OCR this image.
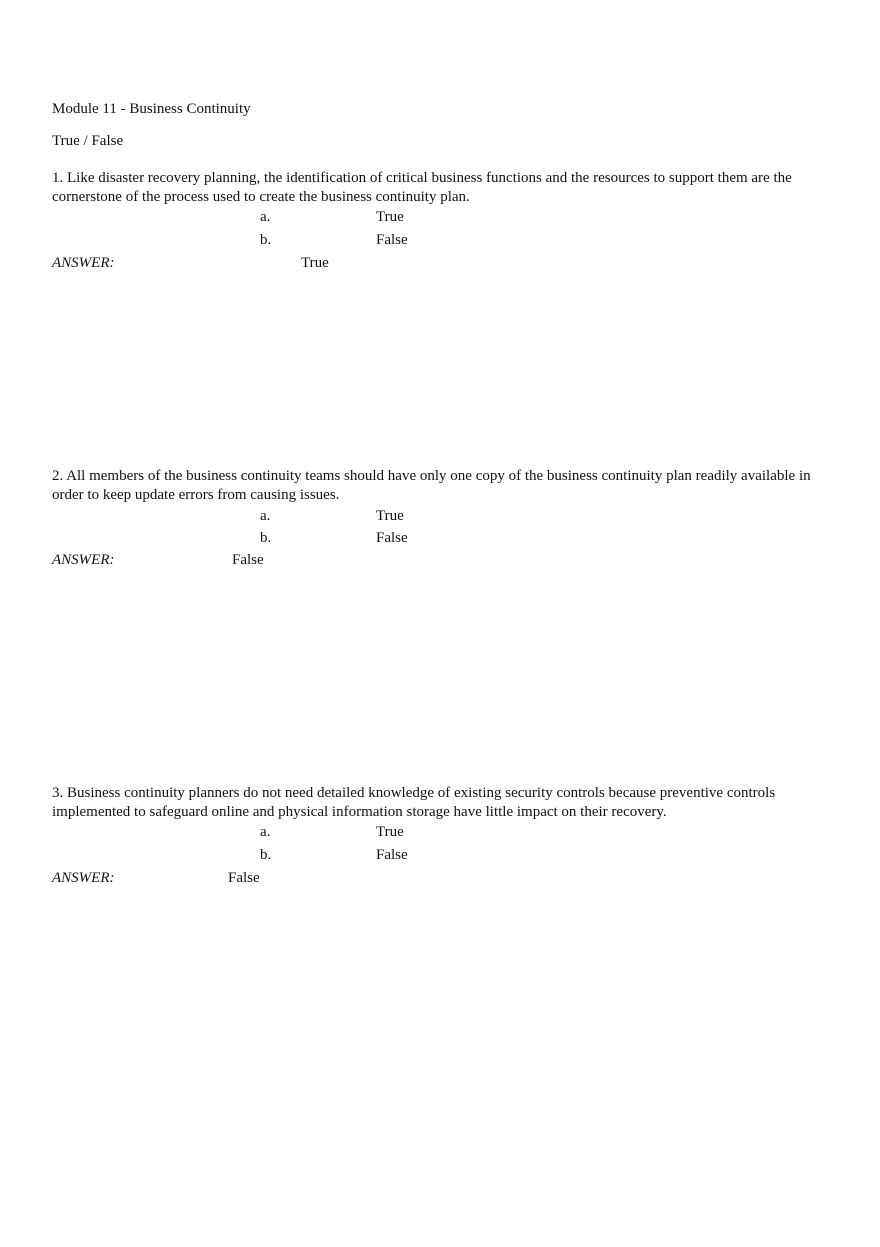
Module 11 - Business Continuity
True / False
1. Like disaster recovery planning, the identification of critical business functions and the resources to support them are the cornerstone of the process used to create the business continuity plan.
a.	True
b.	False
ANSWER:	True
2. All members of the business continuity teams should have only one copy of the business continuity plan readily available in order to keep update errors from causing issues.
a.	True
b.	False
ANSWER:	False
3. Business continuity planners do not need detailed knowledge of existing security controls because preventive controls implemented to safeguard online and physical information storage have little impact on their recovery.
a.	True
b.	False
ANSWER:	False
